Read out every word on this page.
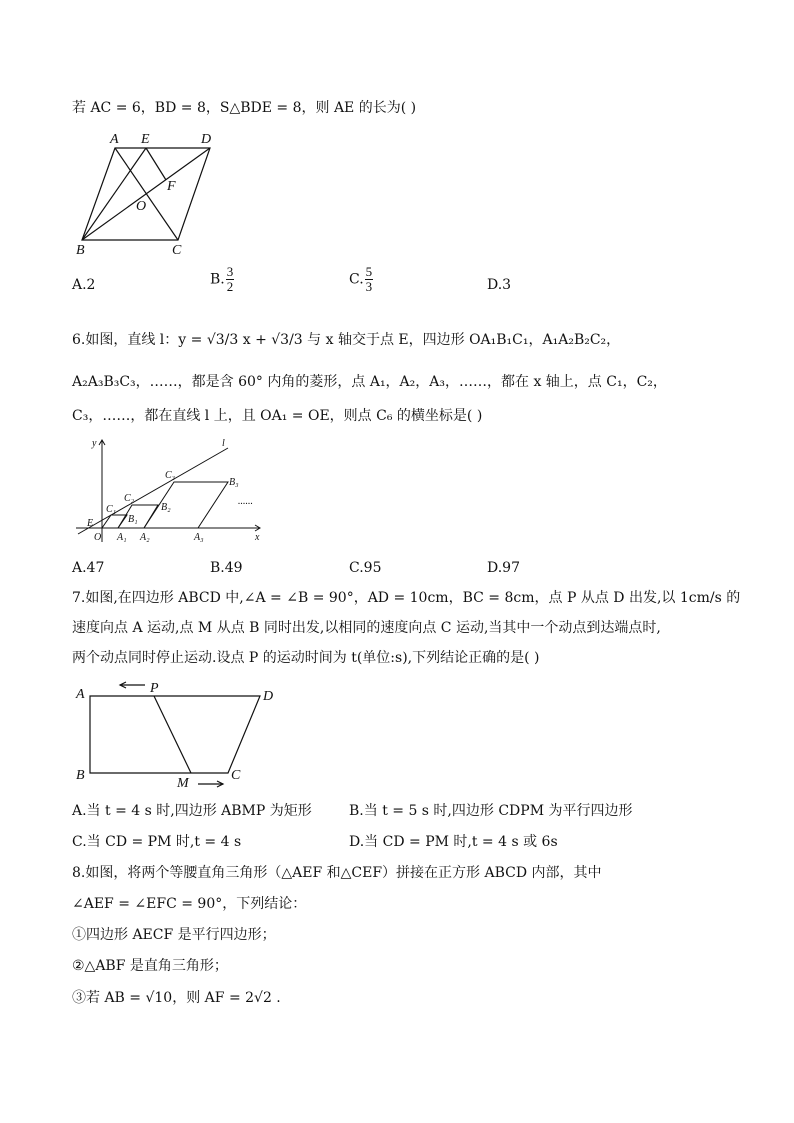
若 AC = 6，BD = 8，S△BDE = 8，则 AE 的长为( )
A E	D
F
O
B	C
A.2	B. $\frac{3}{2}$	C. $\frac{5}{3}$	D.3
6.如图，直线 l：y = √3/3 x + √3/3 与 x 轴交于点 E，四边形 OA₁B₁C₁，A₁A₂B₂C₂，
A₂A₃B₃C₃，……，都是含 60° 内角的菱形，点 A₁，A₂，A₃，……，都在 x 轴上，点 C₁，C₂，
C₃，……，都在直线 l 上，且 OA₁ = OE，则点 C₆ 的横坐标是( )
y
x
l
O
E
A₁ A₂	A₃
B₁
B₂
B₃
C₁
C₂
C₃
......
A.47	B.49	C.95	D.97
7.如图,在四边形 ABCD 中,∠A = ∠B = 90°，AD = 10cm，BC = 8cm，点 P 从点 D 出发,以 1cm/s 的
速度向点 A 运动,点 M 从点 B 同时出发,以相同的速度向点 C 运动,当其中一个动点到达端点时,
两个动点同时停止运动.设点 P 的运动时间为 t(单位:s),下列结论正确的是( )
A	P
D
B
M
C
A.当 t = 4 s 时,四边形 ABMP 为矩形	B.当 t = 5 s 时,四边形 CDPM 为平行四边形
C.当 CD = PM 时,t = 4 s	D.当 CD = PM 时,t = 4 s 或 6s
8.如图，将两个等腰直角三角形（△AEF 和△CEF）拼接在正方形 ABCD 内部，其中
∠AEF = ∠EFC = 90°，下列结论：
①四边形 AECF 是平行四边形；
②△ABF 是直角三角形；
③若 AB = √10，则 AF = 2√2 .
